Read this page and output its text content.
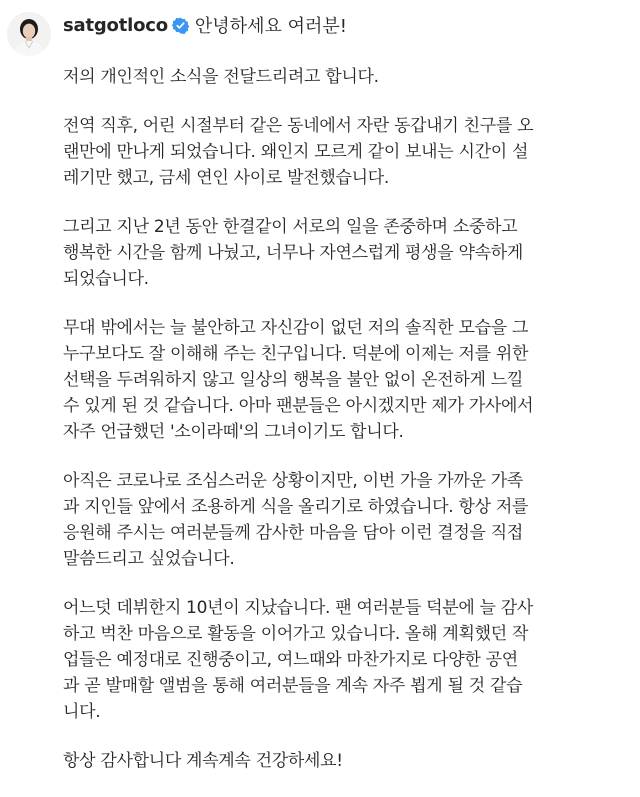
satgotloco 안녕하세요 여러분!

저의 개인적인 소식을 전달드리려고 합니다.

전역 직후, 어린 시절부터 같은 동네에서 자란 동갑내기 친구를 오
랜만에 만나게 되었습니다. 왜인지 모르게 같이 보내는 시간이 설
레기만 했고, 금세 연인 사이로 발전했습니다.

그리고 지난 2년 동안 한결같이 서로의 일을 존중하며 소중하고
행복한 시간을 함께 나눴고, 너무나 자연스럽게 평생을 약속하게
되었습니다.

무대 밖에서는 늘 불안하고 자신감이 없던 저의 솔직한 모습을 그
누구보다도 잘 이해해 주는 친구입니다. 덕분에 이제는 저를 위한
선택을 두려워하지 않고 일상의 행복을 불안 없이 온전하게 느낄
수 있게 된 것 같습니다. 아마 팬분들은 아시겠지만 제가 가사에서
자주 언급했던 '소이라떼'의 그녀이기도 합니다.

아직은 코로나로 조심스러운 상황이지만, 이번 가을 가까운 가족
과 지인들 앞에서 조용하게 식을 올리기로 하였습니다. 항상 저를
응원해 주시는 여러분들께 감사한 마음을 담아 이런 결정을 직접
말씀드리고 싶었습니다.

어느덧 데뷔한지 10년이 지났습니다. 팬 여러분들 덕분에 늘 감사
하고 벅찬 마음으로 활동을 이어가고 있습니다. 올해 계획했던 작
업들은 예정대로 진행중이고, 여느때와 마찬가지로 다양한 공연
과 곧 발매할 앨범을 통해 여러분들을 계속 자주 뵙게 될 것 같습
니다.

항상 감사합니다 계속계속 건강하세요!
